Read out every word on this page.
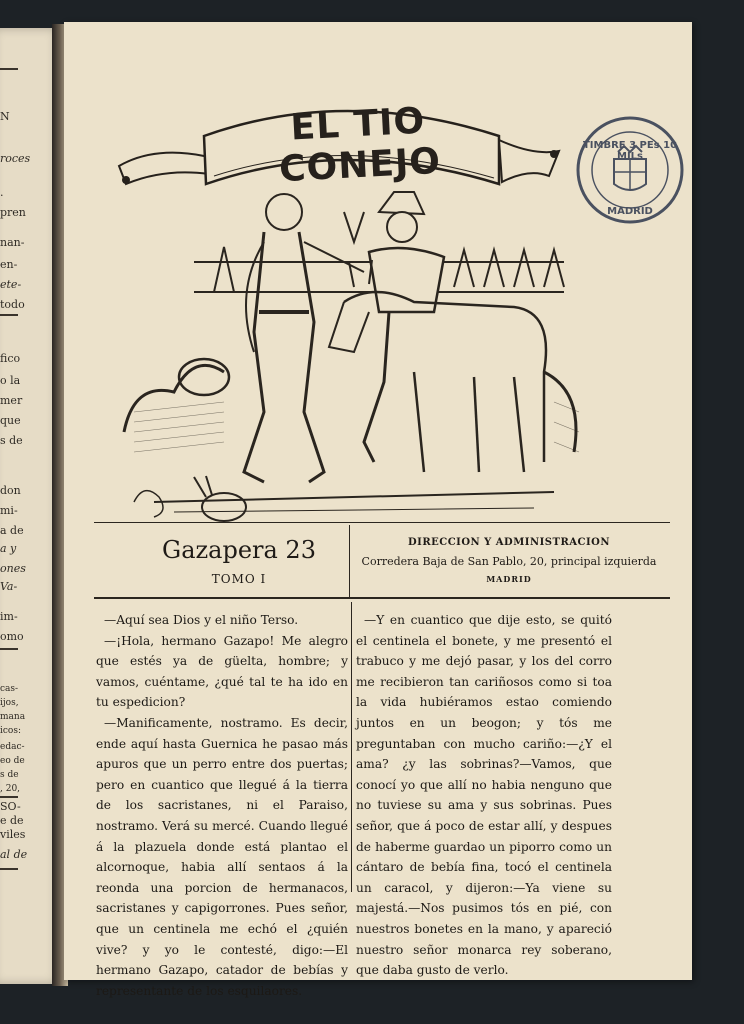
N
roces
.
pren
nan-
en-
ete-
todo
fico
o la
mer
que
s de
don
mi-
a de
a y
ones
Va-
im-
omo
cas-
ijos,
mana
icos:
edac-
eo de
s de
, 20,
SO-
e de
viles
al de
EL TIO CONEJO	TIMBRE 3 PEs 10 MILs
MADRID
Gazapera 23
TOMO I
DIRECCION Y ADMINISTRACION
Corredera Baja de San Pablo, 20, principal izquierda
MADRID

—Aquí sea Dios y el niño Terso.

—¡Hola, hermano Gazapo! Me alegro que estés ya de güelta, hombre; y vamos, cuéntame, ¿qué tal te ha ido en tu espedicion?

—Manificamente, nostramo. Es decir, ende aquí hasta Guernica he pasao más apuros que un perro entre dos puertas; pero en cuantico que llegué á la tierra de los sacristanes, ni el Paraiso, nostramo. Verá su mercé. Cuando llegué á la plazuela donde está plantao el alcornoque, habia allí sentaos á la reonda una porcion de hermanacos, sacristanes y capigorrones. Pues señor, que un centinela me echó el ¿quién vive? y yo le contesté, digo:—El hermano Gazapo, catador de bebías y representante de los esquilaores.

—Y en cuantico que dije esto, se quitó el centinela el bonete, y me presentó el trabuco y me dejó pasar, y los del corro me recibieron tan cariñosos como si toa la vida hubiéramos estao comiendo juntos en un beogon; y tós me preguntaban con mucho cariño:—¿Y el ama? ¿y las sobrinas?—Vamos, que conocí yo que allí no habia nenguno que no tuviese su ama y sus sobrinas. Pues señor, que á poco de estar allí, y despues de haberme guardao un piporro como un cántaro de bebía fina, tocó el centinela un caracol, y dijeron:—Ya viene su majestá.—Nos pusimos tós en pié, con nuestros bonetes en la mano, y apareció nuestro señor monarca rey soberano, que daba gusto de verlo.
